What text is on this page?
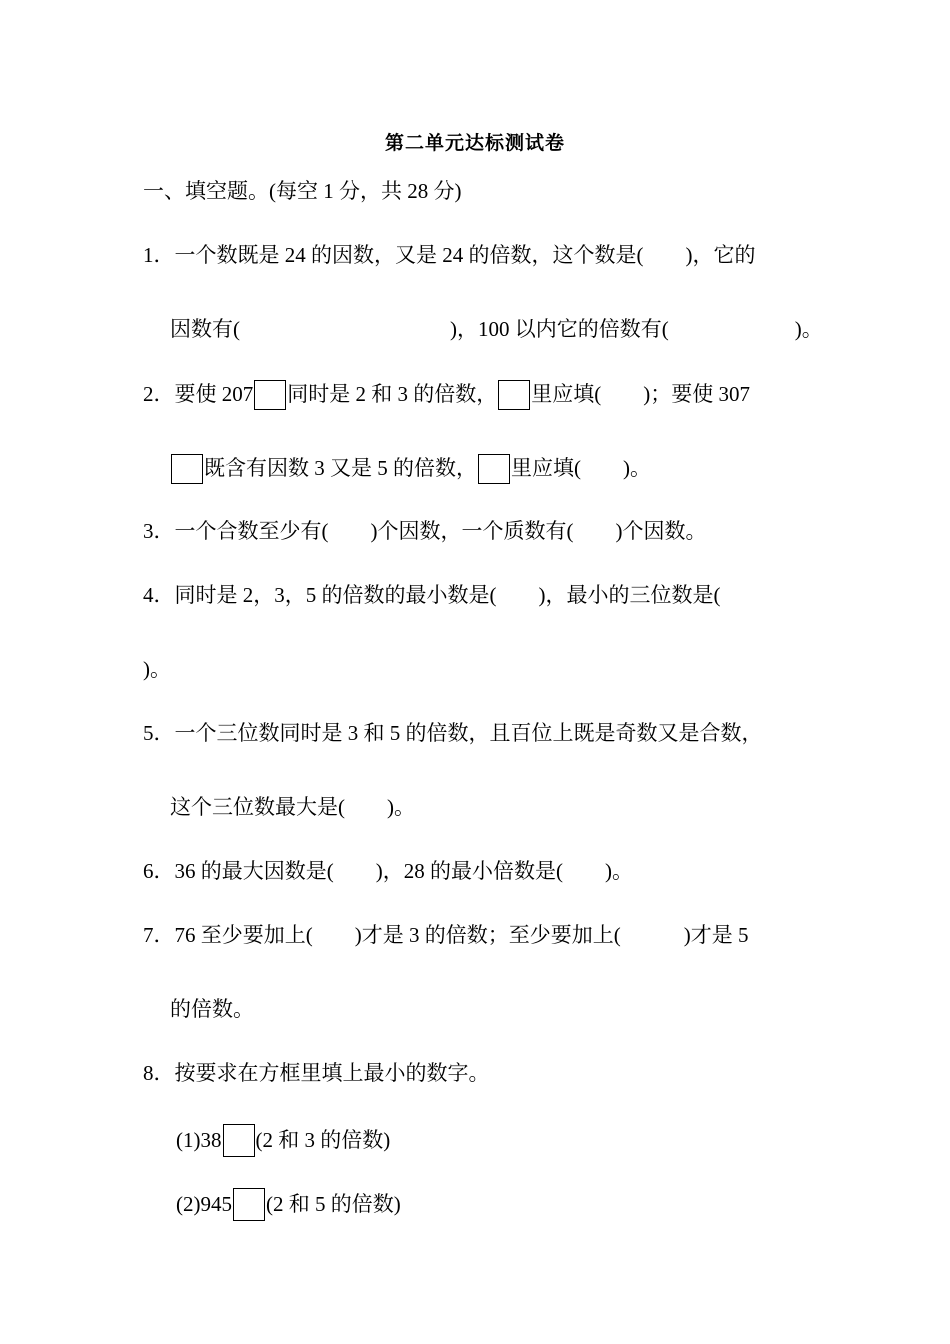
第二单元达标测试卷
一、填空题。(每空 1 分，共 28 分)
1．一个数既是 24 的因数，又是 24 的倍数，这个数是(　　)，它的
因数有(　　　　　　　　　　)，100 以内它的倍数有(　　　　　　)。
2．要使 207 同时是 2 和 3 的倍数， 里应填(　　)；要使 307
既含有因数 3 又是 5 的倍数， 里应填(　　)。
3．一个合数至少有(　　)个因数，一个质数有(　　)个因数。
4．同时是 2，3，5 的倍数的最小数是(　　)，最小的三位数是(
)。
5．一个三位数同时是 3 和 5 的倍数，且百位上既是奇数又是合数，
这个三位数最大是(　　)。
6．36 的最大因数是(　　)，28 的最小倍数是(　　)。
7．76 至少要加上(　　)才是 3 的倍数；至少要加上(　　　)才是 5
的倍数。
8．按要求在方框里填上最小的数字。
(1)38 (2 和 3 的倍数)
(2)945 (2 和 5 的倍数)
